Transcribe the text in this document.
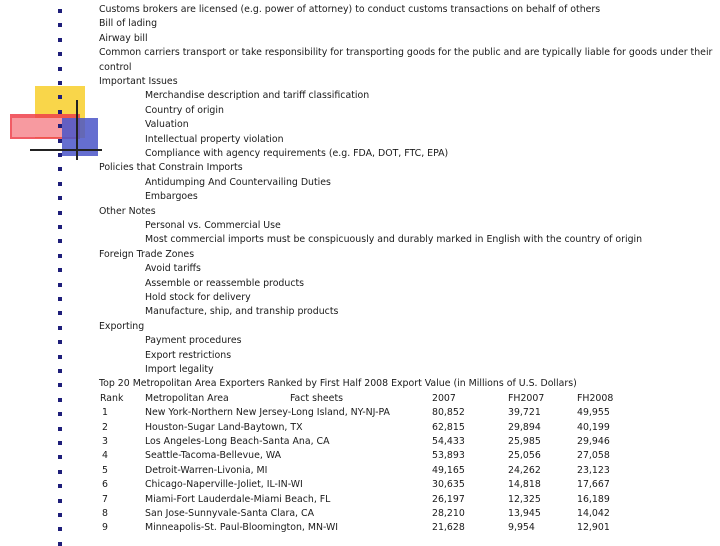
Customs brokers are licensed (e.g. power of attorney) to conduct customs transactions on behalf of others
Bill of lading
Airway bill
Common carriers transport or take responsibility for transporting goods for the public and are typically liable for goods under their
control
Important Issues
Merchandise description and tariff classification
Country of origin
Valuation
Intellectual property violation
Compliance with agency requirements (e.g. FDA, DOT, FTC, EPA)
Policies that Constrain Imports
Antidumping And Countervailing Duties
Embargoes
Other Notes
Personal vs. Commercial Use
Most commercial imports must be conspicuously and durably marked in English with the country of origin
Foreign Trade Zones
Avoid tariffs
Assemble or reassemble products
Hold stock for delivery
Manufacture, ship, and tranship products
Exporting
Payment procedures
Export restrictions
Import legality
Top 20 Metropolitan Area Exporters Ranked by First Half 2008 Export Value (in Millions of U.S. Dollars)
Rank Metropolitan Area	Fact sheets	2007	FH2007	FH2008
1	New York-Northern New Jersey-Long Island, NY-NJ-PA	80,852	39,721	49,955
2	Houston-Sugar Land-Baytown, TX	62,815	29,894	40,199
3	Los Angeles-Long Beach-Santa Ana, CA	54,433	25,985	29,946
4	Seattle-Tacoma-Bellevue, WA	53,893	25,056	27,058
5	Detroit-Warren-Livonia, MI	49,165	24,262	23,123
6	Chicago-Naperville-Joliet, IL-IN-WI	30,635	14,818	17,667
7	Miami-Fort Lauderdale-Miami Beach, FL	26,197	12,325	16,189
8	San Jose-Sunnyvale-Santa Clara, CA	28,210	13,945	14,042
9	Minneapolis-St. Paul-Bloomington, MN-WI	21,628	9,954	12,901
